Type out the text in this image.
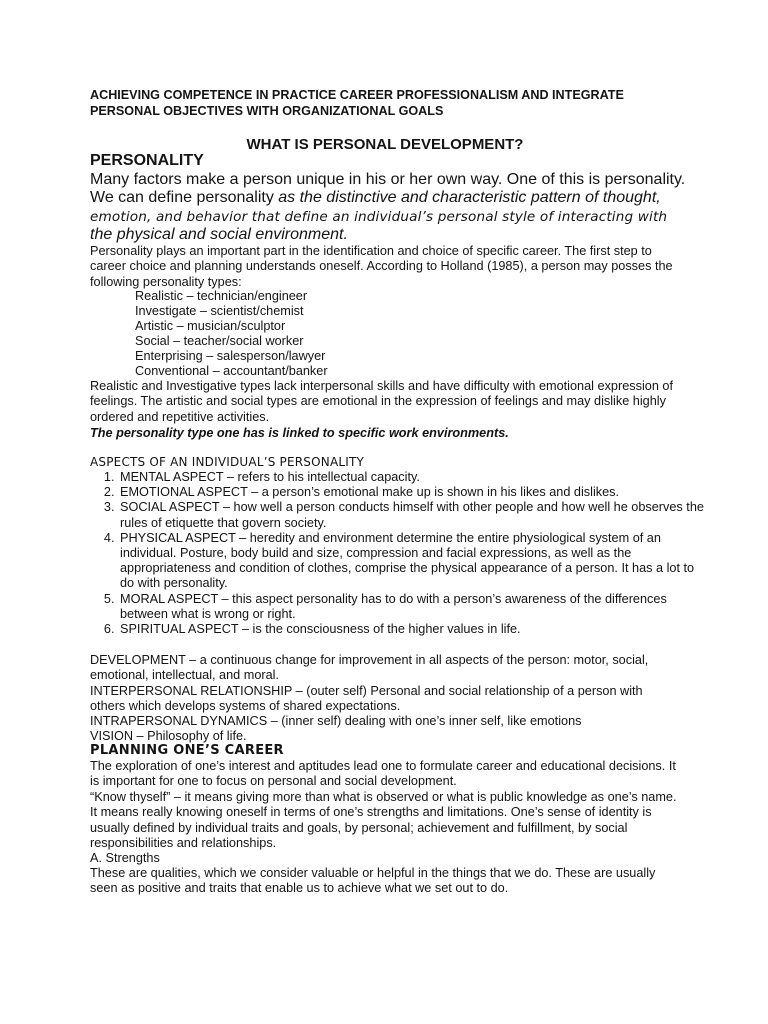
ACHIEVING COMPETENCE IN PRACTICE CAREER PROFESSIONALISM AND INTEGRATE
PERSONAL OBJECTIVES WITH ORGANIZATIONAL GOALS

WHAT IS PERSONAL DEVELOPMENT?

PERSONALITY

Many factors make a person unique in his or her own way. One of this is personality.
We can define personality as the distinctive and characteristic pattern of thought,
emotion, and behavior that define an individual’s personal style of interacting with
the physical and social environment.
Personality plays an important part in the identification and choice of specific career. The first step to career choice and planning understands oneself. According to Holland (1985), a person may posses the following personality types:
Realistic – technician/engineer
Investigate – scientist/chemist
Artistic – musician/sculptor
Social – teacher/social worker
Enterprising – salesperson/lawyer
Conventional – accountant/banker
Realistic and Investigative types lack interpersonal skills and have difficulty with emotional expression of feelings. The artistic and social types are emotional in the expression of feelings and may dislike highly ordered and repetitive activities.
The personality type one has is linked to specific work environments.
ASPECTS OF AN INDIVIDUAL’S PERSONALITY
1. MENTAL ASPECT – refers to his intellectual capacity.
2. EMOTIONAL ASPECT – a person’s emotional make up is shown in his likes and dislikes.
3. SOCIAL ASPECT – how well a person conducts himself with other people and how well he observes the rules of etiquette that govern society.
4. PHYSICAL ASPECT – heredity and environment determine the entire physiological system of an individual. Posture, body build and size, compression and facial expressions, as well as the appropriateness and condition of clothes, comprise the physical appearance of a person. It has a lot to do with personality.
5. MORAL ASPECT – this aspect personality has to do with a person’s awareness of the differences between what is wrong or right.
6. SPIRITUAL ASPECT – is the consciousness of the higher values in life.
DEVELOPMENT – a continuous change for improvement in all aspects of the person: motor, social, emotional, intellectual, and moral.
INTERPERSONAL RELATIONSHIP – (outer self) Personal and social relationship of a person with others which develops systems of shared expectations.
INTRAPERSONAL DYNAMICS – (inner self) dealing with one’s inner self, like emotions
VISION – Philosophy of life.
PLANNING ONE’S CAREER
The exploration of one’s interest and aptitudes lead one to formulate career and educational decisions. It is important for one to focus on personal and social development.
“Know thyself” – it means giving more than what is observed or what is public knowledge as one’s name. It means really knowing oneself in terms of one’s strengths and limitations. One’s sense of identity is usually defined by individual traits and goals, by personal; achievement and fulfillment, by social responsibilities and relationships.
A. Strengths
These are qualities, which we consider valuable or helpful in the things that we do. These are usually seen as positive and traits that enable us to achieve what we set out to do.
